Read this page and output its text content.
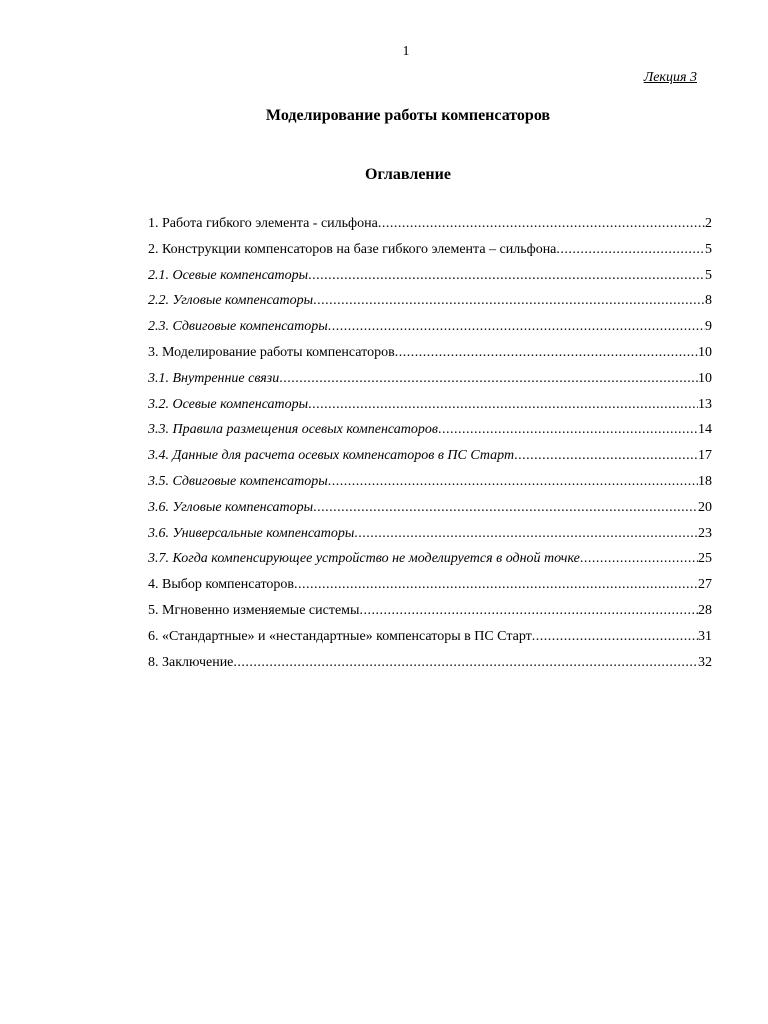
1
Лекция 3
Моделирование работы компенсаторов
Оглавление
1. Работа гибкого элемента - сильфона .....	2
2. Конструкции компенсаторов на базе гибкого элемента – сильфона .....	5
2.1. Осевые компенсаторы .....	5
2.2. Угловые компенсаторы .....	8
2.3. Сдвиговые компенсаторы .....	9
3. Моделирование работы компенсаторов .....	10
3.1. Внутренние связи .....	10
3.2. Осевые компенсаторы .....	13
3.3. Правила размещения осевых компенсаторов .....	14
3.4. Данные для расчета осевых компенсаторов в ПС Старт .....	17
3.5. Сдвиговые компенсаторы .....	18
3.6. Угловые компенсаторы .....	20
3.6. Универсальные компенсаторы .....	23
3.7. Когда компенсирующее устройство не моделируется в одной точке .....	25
4. Выбор компенсаторов .....	27
5. Мгновенно изменяемые системы .....	28
6. «Стандартные» и «нестандартные» компенсаторы в ПС Старт .....	31
8. Заключение .....	32
